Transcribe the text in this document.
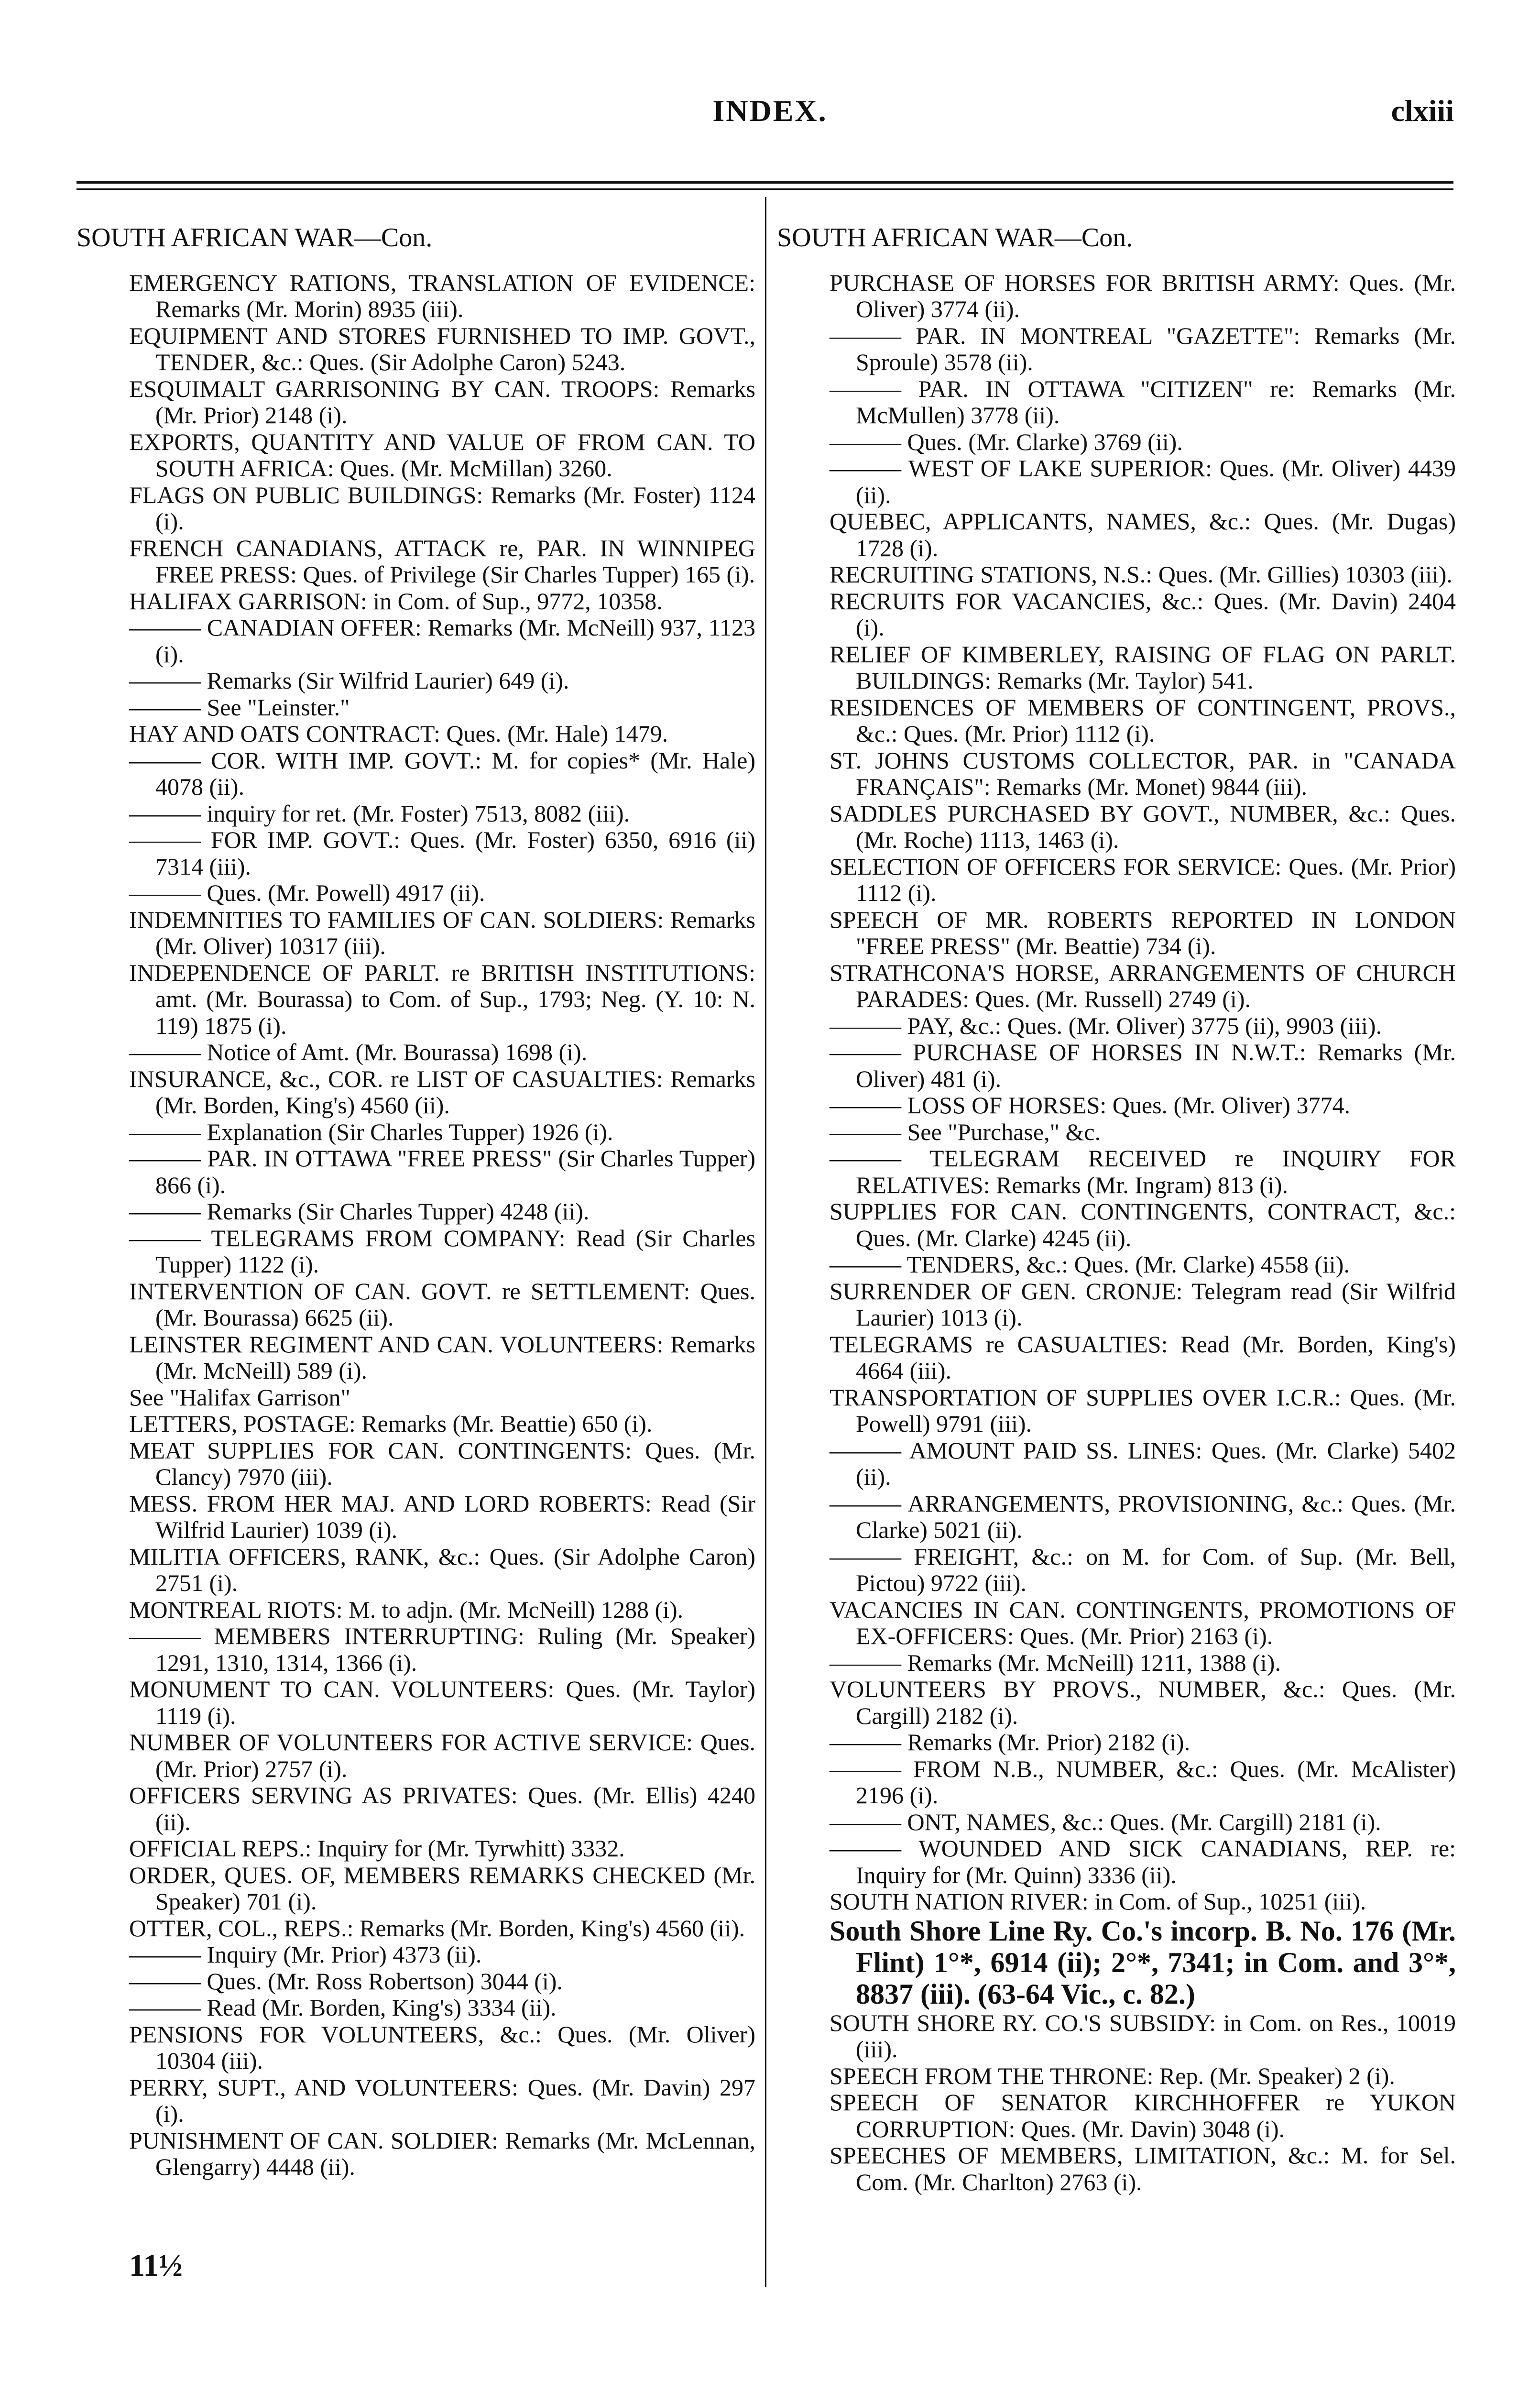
INDEX.	clxiii
SOUTH AFRICAN WAR—Con.

EMERGENCY RATIONS, TRANSLATION OF EVIDENCE: Remarks (Mr. Morin) 8935 (iii).

EQUIPMENT AND STORES FURNISHED TO IMP. GOVT., TENDER, &c.: Ques. (Sir Adolphe Caron) 5243.

ESQUIMALT GARRISONING BY CAN. TROOPS: Remarks (Mr. Prior) 2148 (i).

EXPORTS, QUANTITY AND VALUE OF FROM CAN. TO SOUTH AFRICA: Ques. (Mr. McMillan) 3260.

FLAGS ON PUBLIC BUILDINGS: Remarks (Mr. Foster) 1124 (i).

FRENCH CANADIANS, ATTACK re, PAR. IN WINNIPEG FREE PRESS: Ques. of Privilege (Sir Charles Tupper) 165 (i).

HALIFAX GARRISON: in Com. of Sup., 9772, 10358.

——— CANADIAN OFFER: Remarks (Mr. McNeill) 937, 1123 (i).

——— Remarks (Sir Wilfrid Laurier) 649 (i).

——— See "Leinster."

HAY AND OATS CONTRACT: Ques. (Mr. Hale) 1479.

——— COR. WITH IMP. GOVT.: M. for copies* (Mr. Hale) 4078 (ii).

——— inquiry for ret. (Mr. Foster) 7513, 8082 (iii).

——— FOR IMP. GOVT.: Ques. (Mr. Foster) 6350, 6916 (ii) 7314 (iii).

——— Ques. (Mr. Powell) 4917 (ii).

INDEMNITIES TO FAMILIES OF CAN. SOLDIERS: Remarks (Mr. Oliver) 10317 (iii).

INDEPENDENCE OF PARLT. re BRITISH INSTITUTIONS: amt. (Mr. Bourassa) to Com. of Sup., 1793; Neg. (Y. 10: N. 119) 1875 (i).

——— Notice of Amt. (Mr. Bourassa) 1698 (i).

INSURANCE, &c., COR. re LIST OF CASUALTIES: Remarks (Mr. Borden, King's) 4560 (ii).

——— Explanation (Sir Charles Tupper) 1926 (i).

——— PAR. IN OTTAWA "FREE PRESS" (Sir Charles Tupper) 866 (i).

——— Remarks (Sir Charles Tupper) 4248 (ii).

——— TELEGRAMS FROM COMPANY: Read (Sir Charles Tupper) 1122 (i).

INTERVENTION OF CAN. GOVT. re SETTLEMENT: Ques. (Mr. Bourassa) 6625 (ii).

LEINSTER REGIMENT AND CAN. VOLUNTEERS: Remarks (Mr. McNeill) 589 (i).

See "Halifax Garrison"

LETTERS, POSTAGE: Remarks (Mr. Beattie) 650 (i).

MEAT SUPPLIES FOR CAN. CONTINGENTS: Ques. (Mr. Clancy) 7970 (iii).

MESS. FROM HER MAJ. AND LORD ROBERTS: Read (Sir Wilfrid Laurier) 1039 (i).

MILITIA OFFICERS, RANK, &c.: Ques. (Sir Adolphe Caron) 2751 (i).

MONTREAL RIOTS: M. to adjn. (Mr. McNeill) 1288 (i).

——— MEMBERS INTERRUPTING: Ruling (Mr. Speaker) 1291, 1310, 1314, 1366 (i).

MONUMENT TO CAN. VOLUNTEERS: Ques. (Mr. Taylor) 1119 (i).

NUMBER OF VOLUNTEERS FOR ACTIVE SERVICE: Ques. (Mr. Prior) 2757 (i).

OFFICERS SERVING AS PRIVATES: Ques. (Mr. Ellis) 4240 (ii).

OFFICIAL REPS.: Inquiry for (Mr. Tyrwhitt) 3332.

ORDER, QUES. OF, MEMBERS REMARKS CHECKED (Mr. Speaker) 701 (i).

OTTER, COL., REPS.: Remarks (Mr. Borden, King's) 4560 (ii).

——— Inquiry (Mr. Prior) 4373 (ii).

——— Ques. (Mr. Ross Robertson) 3044 (i).

——— Read (Mr. Borden, King's) 3334 (ii).

PENSIONS FOR VOLUNTEERS, &c.: Ques. (Mr. Oliver) 10304 (iii).

PERRY, SUPT., AND VOLUNTEERS: Ques. (Mr. Davin) 297 (i).

PUNISHMENT OF CAN. SOLDIER: Remarks (Mr. McLennan, Glengarry) 4448 (ii).

SOUTH AFRICAN WAR—Con.

PURCHASE OF HORSES FOR BRITISH ARMY: Ques. (Mr. Oliver) 3774 (ii).

——— PAR. IN MONTREAL "GAZETTE": Remarks (Mr. Sproule) 3578 (ii).

——— PAR. IN OTTAWA "CITIZEN" re: Remarks (Mr. McMullen) 3778 (ii).

——— Ques. (Mr. Clarke) 3769 (ii).

——— WEST OF LAKE SUPERIOR: Ques. (Mr. Oliver) 4439 (ii).

QUEBEC, APPLICANTS, NAMES, &c.: Ques. (Mr. Dugas) 1728 (i).

RECRUITING STATIONS, N.S.: Ques. (Mr. Gillies) 10303 (iii).

RECRUITS FOR VACANCIES, &c.: Ques. (Mr. Davin) 2404 (i).

RELIEF OF KIMBERLEY, RAISING OF FLAG ON PARLT. BUILDINGS: Remarks (Mr. Taylor) 541.

RESIDENCES OF MEMBERS OF CONTINGENT, PROVS., &c.: Ques. (Mr. Prior) 1112 (i).

ST. JOHNS CUSTOMS COLLECTOR, PAR. in "CANADA FRANÇAIS": Remarks (Mr. Monet) 9844 (iii).

SADDLES PURCHASED BY GOVT., NUMBER, &c.: Ques. (Mr. Roche) 1113, 1463 (i).

SELECTION OF OFFICERS FOR SERVICE: Ques. (Mr. Prior) 1112 (i).

SPEECH OF MR. ROBERTS REPORTED IN LONDON "FREE PRESS" (Mr. Beattie) 734 (i).

STRATHCONA'S HORSE, ARRANGEMENTS OF CHURCH PARADES: Ques. (Mr. Russell) 2749 (i).

——— PAY, &c.: Ques. (Mr. Oliver) 3775 (ii), 9903 (iii).

——— PURCHASE OF HORSES IN N.W.T.: Remarks (Mr. Oliver) 481 (i).

——— LOSS OF HORSES: Ques. (Mr. Oliver) 3774.

——— See "Purchase," &c.

——— TELEGRAM RECEIVED re INQUIRY FOR RELATIVES: Remarks (Mr. Ingram) 813 (i).

SUPPLIES FOR CAN. CONTINGENTS, CONTRACT, &c.: Ques. (Mr. Clarke) 4245 (ii).

——— TENDERS, &c.: Ques. (Mr. Clarke) 4558 (ii).

SURRENDER OF GEN. CRONJE: Telegram read (Sir Wilfrid Laurier) 1013 (i).

TELEGRAMS re CASUALTIES: Read (Mr. Borden, King's) 4664 (iii).

TRANSPORTATION OF SUPPLIES OVER I.C.R.: Ques. (Mr. Powell) 9791 (iii).

——— AMOUNT PAID SS. LINES: Ques. (Mr. Clarke) 5402 (ii).

——— ARRANGEMENTS, PROVISIONING, &c.: Ques. (Mr. Clarke) 5021 (ii).

——— FREIGHT, &c.: on M. for Com. of Sup. (Mr. Bell, Pictou) 9722 (iii).

VACANCIES IN CAN. CONTINGENTS, PROMOTIONS OF EX-OFFICERS: Ques. (Mr. Prior) 2163 (i).

——— Remarks (Mr. McNeill) 1211, 1388 (i).

VOLUNTEERS BY PROVS., NUMBER, &c.: Ques. (Mr. Cargill) 2182 (i).

——— Remarks (Mr. Prior) 2182 (i).

——— FROM N.B., NUMBER, &c.: Ques. (Mr. McAlister) 2196 (i).

——— ONT, NAMES, &c.: Ques. (Mr. Cargill) 2181 (i).

——— WOUNDED AND SICK CANADIANS, REP. re: Inquiry for (Mr. Quinn) 3336 (ii).

SOUTH NATION RIVER: in Com. of Sup., 10251 (iii).

South Shore Line Ry. Co.'s incorp. B. No. 176 (Mr. Flint) 1°*, 6914 (ii); 2°*, 7341; in Com. and 3°*, 8837 (iii). (63-64 Vic., c. 82.)

SOUTH SHORE RY. CO.'S SUBSIDY: in Com. on Res., 10019 (iii).

SPEECH FROM THE THRONE: Rep. (Mr. Speaker) 2 (i).

SPEECH OF SENATOR KIRCHHOFFER re YUKON CORRUPTION: Ques. (Mr. Davin) 3048 (i).

SPEECHES OF MEMBERS, LIMITATION, &c.: M. for Sel. Com. (Mr. Charlton) 2763 (i).

11½
